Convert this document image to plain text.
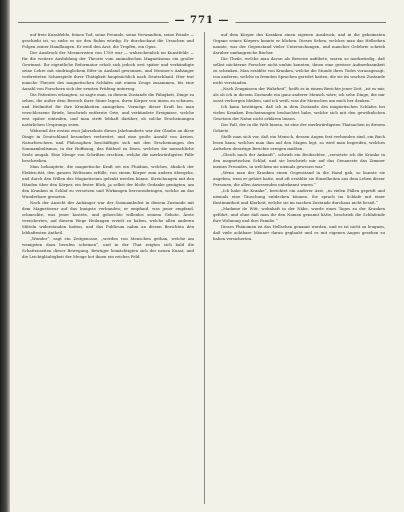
— 771 —

auf freie Kunstfelde, feinen Tod, seine Freunde, seine Verwandten, seine Feinde — geschieht ist, so siehe es sie den Ruhm würdig. Er durchschaut die Ursachen und Folgen seiner Handlungen. Er weiß den Arzt, die Tropfen, ein Opus.

Der Ausdruck der Mesmeristen von 1789 war — wahrscheinlich im Kunstfelde — für die weitere Ausbildung der Theorie vom animalischen Magnetismus ein großer Gewinnst. Ihr eigentliche Reformator erhob sich jedoch erst später und verkündigte seine Lehre mit eindringlichem Eifer in Ausland gewonnen, und Mesmer's Anhänger verbreiteten Schauspiele ihrer Thätigkeit hauptsächlich nach Deutschland. Hier trat manche Theorie des magnetischen Schlafes mit einem Zeuge zusammen, bis eine Anzahl von Forschern sich der ernsten Prüfung unterzog.

Die Patienten erlangten, so sagte man, in diesem Zustande die Fähigkeit, Dinge zu sehen, die außer dem Bereich ihrer Sinne lagen, ihren Körper von innen zu schauen, und Heilmittel für ihre Krankheiten anzugeben. Vermöge dieser Kraft las man verschlossene Briefe, beschrieb entfernte Orte, und verkündete Ereignisse, welche erst später eintrafen, und man stritt lebhaft darüber, ob solche Erscheinungen natürlichen Ursprungs seien.

Während der ersten zwei Jahrzehnte dieses Jahrhunderts war der Glaube an diese Dinge in Deutschland besonders verbreitet, und eine große Anzahl von Ärzten, Naturforschern und Philosophen beschäftigte sich mit den Erscheinungen des Somnambulismus, in der Hoffnung, das Räthsel zu lösen, welches die menschliche Seele umgab. Eine Menge von Schriften erschien, welche die merkwürdigsten Fälle beschrieben.

Man behauptete, die magnetische Kraft sei ein Fluidum, welches, ähnlich der Elektricität, den ganzen Weltraum erfülle, von einem Körper zum andern übergehe, und durch den Willen des Magnetiseurs gelenkt werden könne. Streichungen mit den Händen über den Körper, ein fester Blick, ja selbst der bloße Gedanke genügten, um den Kranken in Schlaf zu versetzen und Wirkungen hervorzubringen, welche an das Wunderbare grenzten.

Nach der Ansicht der Anhänger war der Somnambulist in diesem Zustande mit dem Magnetiseur auf das Innigste verbunden; er empfand, was jener empfand, schmeckte, was jener kostete, und gehorchte willenlos seinem Gebote. Ärzte versicherten, auf diesem Wege Heilungen erzielt zu haben, welche allen anderen Mitteln widerstanden hatten, und das Publicum nahm an diesen Berichten den lebhaftesten Antheil.

„Wunder“, sagt ein Zeitgenosse, „werden von Menschen gethan, welche am wenigsten dazu berufen scheinen“, und in der That zeigten sich bald die Schattenseiten dieser Bewegung. Betrüger bemächtigten sich der neuen Kunst, und die Leichtgläubigkeit der Menge bot ihnen ein reiches Feld.

auf dem Körper des Kranken einen eigenen Ausdruck, und in die geheimsten Organe seines Körpers konnte er blicken. Dieses Sehen, welches man das Hellsehen nannte, war der Gegenstand vieler Untersuchungen, und mancher Gelehrte schrieb darüber umfangreiche Bücher.

Die Theile, welche man davon als Beweise anführte, waren so merkwürdig, daß selbst nüchterne Forscher nicht umhin konnten, ihnen eine gewisse Aufmerksamkeit zu schenken. Man erzählte von Kranken, welche die Stunde ihres Todes vorausgesagt, von anderen, welche in fremden Sprachen geredet hatten, die sie im wachen Zustande nicht verstanden.

„Nach Zeugnissen der Wahrheit“, heißt es in einem Berichte jener Zeit, „ist es mir, als ob ich in diesem Zustande ein ganz anderer Mensch wäre; ich sehe Dinge, die mir sonst verborgen bleiben, und ich weiß, was die Menschen um mich her denken.“

Ich kann bestätigen, daß ich in dem Zustande des magnetischen Schlafes bei vielen Kranken Erscheinungen beobachtet habe, welche sich mit den gewöhnlichen Gesetzen der Natur nicht erklären lassen.

Der Fall, der in die Welt hinein, ist eine der merkwürdigsten Thatsachen in diesem Gebiete.

Stellt man sich vor, daß ein Mensch, dessen Augen fest verbunden sind, ein Buch lesen kann, welches man ihm auf den Magen legt, so wird man begreifen, welches Aufsehen derartige Berichte erregen mußten.

„Gleich nach der Ankunft“, schrieb ein Beobachter, „versetzte ich die Kranke in den magnetischen Schlaf, und sie beschrieb mir auf das Genaueste das Zimmer meines Freundes, in welchem sie niemals gewesen war.“

„Wenn man der Kranken einen Gegenstand in die Hand gab, so konnte sie angeben, wem er gehört hatte, und oft erzählte sie Einzelheiten aus dem Leben dieser Personen, die allen Anwesenden unbekannt waren.“

„Ich habe die Kranke“, berichtet ein anderer Arzt, „in vielen Fällen geprüft und niemals eine Täuschung entdecken können. Sie sprach im Schlafe mit einer Bestimmtheit und Klarheit, welche sie im wachen Zustande durchaus nicht besaß.“

„Madame de Witt, wohnhaft in der Nähe, wurde eines Tages zu der Kranken geführt, und ohne daß man ihr den Namen genannt hätte, beschrieb die Schlafende ihre Wohnung und ihre Familie.“

Dieses Phänomen ist das Hellsehen genannt worden, und es ist nicht zu leugnen, daß viele achtbare Männer daran geglaubt und es mit eigenen Augen gesehen zu haben versicherten.
